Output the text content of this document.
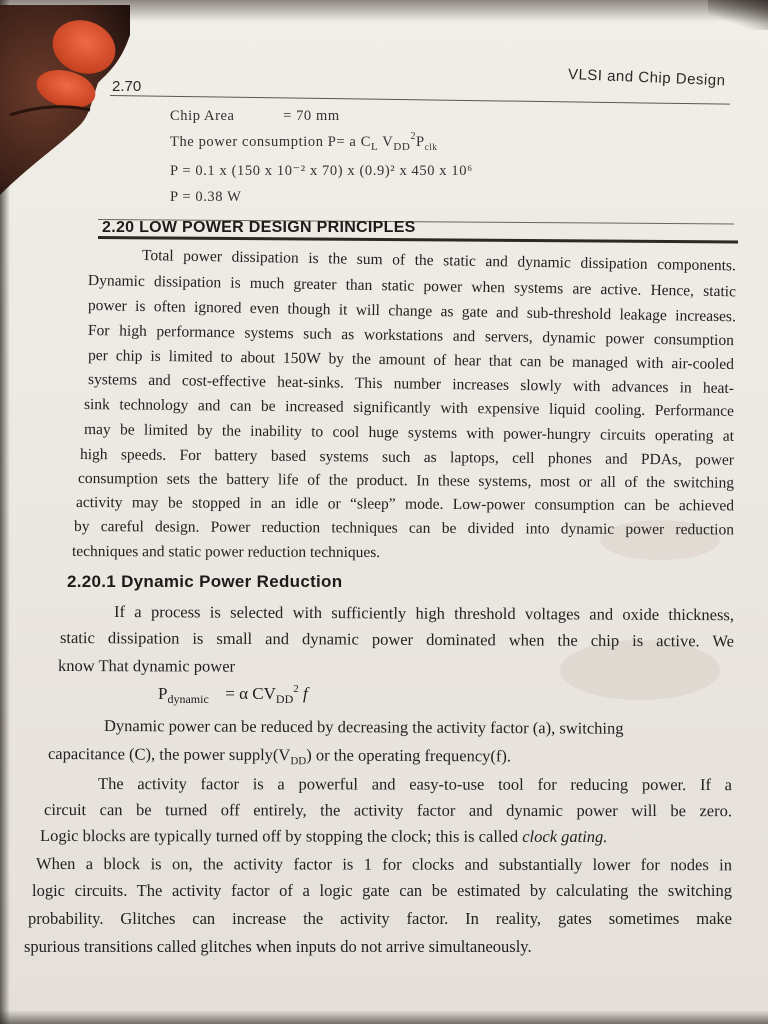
2.70	VLSI and Chip Design
Chip Area	= 70 mm
The power consumption P= a $C_L$ $V_{DD}^2P_{clk}$
P = 0.1 x (150 x 10⁻² x 70) x (0.9)² x 450 x 10⁶
P = 0.38 W
2.20 LOW POWER DESIGN PRINCIPLES
Total power dissipation is the sum of the static and dynamic dissipation components.
Dynamic dissipation is much greater than static power when systems are active. Hence, static
power is often ignored even though it will change as gate and sub-threshold leakage increases.
For high performance systems such as workstations and servers, dynamic power consumption
per chip is limited to about 150W by the amount of hear that can be managed with air-cooled
systems and cost-effective heat-sinks. This number increases slowly with advances in heat-
sink technology and can be increased significantly with expensive liquid cooling. Performance
may be limited by the inability to cool huge systems with power-hungry circuits operating at
high speeds. For battery based systems such as laptops, cell phones and PDAs, power
consumption sets the battery life of the product. In these systems, most or all of the switching
activity may be stopped in an idle or “sleep” mode. Low-power consumption can be achieved
by careful design. Power reduction techniques can be divided into dynamic power reduction
techniques and static power reduction techniques.
2.20.1 Dynamic Power Reduction
If a process is selected with sufficiently high threshold voltages and oxide thickness,
static dissipation is small and dynamic power dominated when the chip is active. We
know That dynamic power
$P_{dynamic} = \alpha$ $CV_{DD}^2$ f
Dynamic power can be reduced by decreasing the activity factor (a), switching
capacitance (C), the power $supply(V_{DD})$ or the operating frequency(f).
The activity factor is a powerful and easy-to-use tool for reducing power. If a
circuit can be turned off entirely, the activity factor and dynamic power will be zero.
Logic blocks are typically turned off by stopping the clock; this is called clock gating.
When a block is on, the activity factor is 1 for clocks and substantially lower for nodes in
logic circuits. The activity factor of a logic gate can be estimated by calculating the switching
probability. Glitches can increase the activity factor. In reality, gates sometimes make
spurious transitions called glitches when inputs do not arrive simultaneously.
